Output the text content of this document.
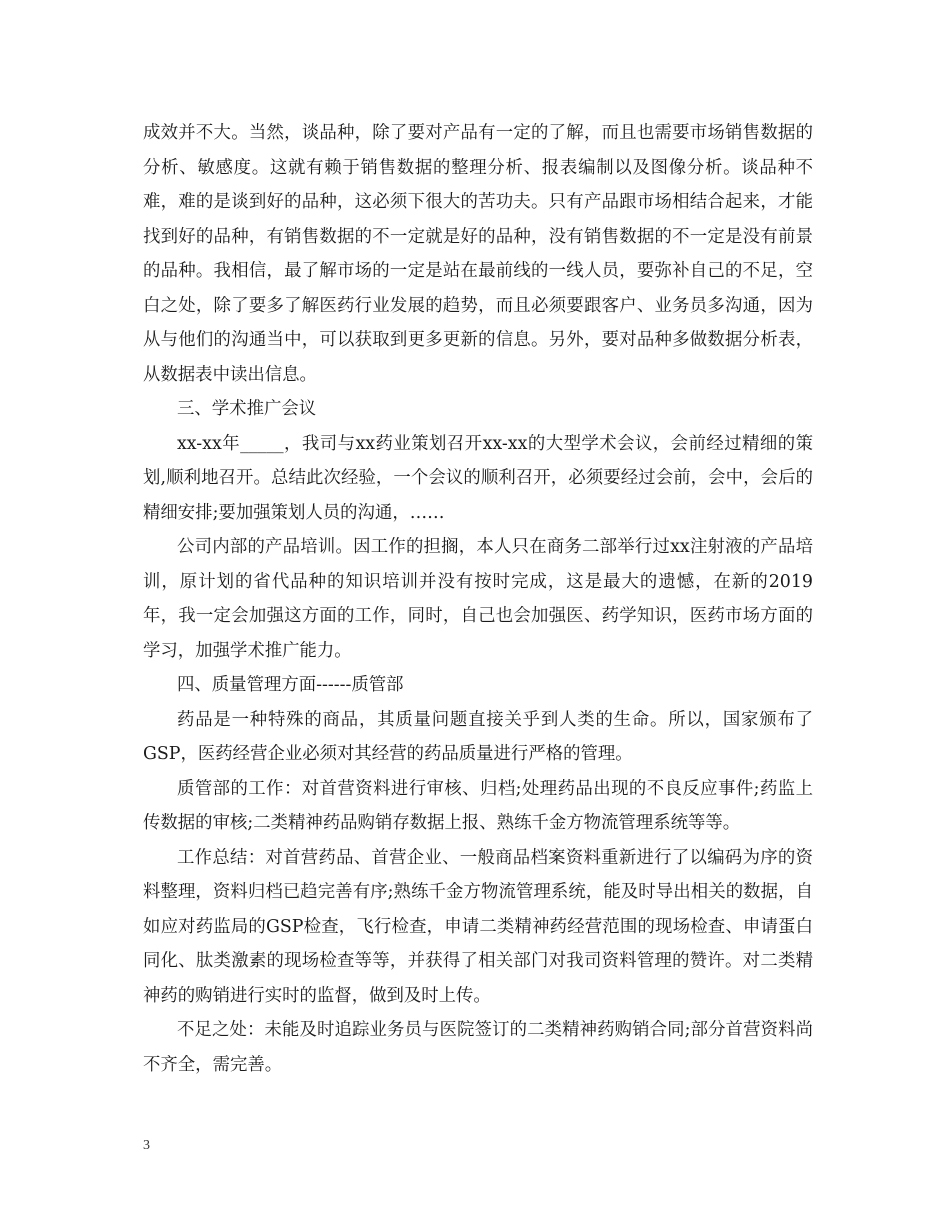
成效并不大。当然，谈品种，除了要对产品有一定的了解，而且也需要市场销售数据的分析、敏感度。这就有赖于销售数据的整理分析、报表编制以及图像分析。谈品种不难，难的是谈到好的品种，这必须下很大的苦功夫。只有产品跟市场相结合起来，才能找到好的品种，有销售数据的不一定就是好的品种，没有销售数据的不一定是没有前景的品种。我相信，最了解市场的一定是站在最前线的一线人员，要弥补自己的不足，空白之处，除了要多了解医药行业发展的趋势，而且必须要跟客户、业务员多沟通，因为从与他们的沟通当中，可以获取到更多更新的信息。另外，要对品种多做数据分析表，从数据表中读出信息。

三、学术推广会议

xx-xx年_____，我司与xx药业策划召开xx-xx的大型学术会议，会前经过精细的策划,顺利地召开。总结此次经验，一个会议的顺利召开，必须要经过会前，会中，会后的精细安排;要加强策划人员的沟通，……

公司内部的产品培训。因工作的担搁，本人只在商务二部举行过xx注射液的产品培训，原计划的省代品种的知识培训并没有按时完成，这是最大的遗憾，在新的2019年，我一定会加强这方面的工作，同时，自己也会加强医、药学知识，医药市场方面的学习，加强学术推广能力。

四、质量管理方面------质管部

药品是一种特殊的商品，其质量问题直接关乎到人类的生命。所以，国家颁布了GSP，医药经营企业必须对其经营的药品质量进行严格的管理。

质管部的工作：对首营资料进行审核、归档;处理药品出现的不良反应事件;药监上传数据的审核;二类精神药品购销存数据上报、熟练千金方物流管理系统等等。

工作总结：对首营药品、首营企业、一般商品档案资料重新进行了以编码为序的资料整理，资料归档已趋完善有序;熟练千金方物流管理系统，能及时导出相关的数据，自如应对药监局的GSP检查，飞行检查，申请二类精神药经营范围的现场检查、申请蛋白同化、肽类激素的现场检查等等，并获得了相关部门对我司资料管理的赞许。对二类精神药的购销进行实时的监督，做到及时上传。

不足之处：未能及时追踪业务员与医院签订的二类精神药购销合同;部分首营资料尚不齐全，需完善。

3
